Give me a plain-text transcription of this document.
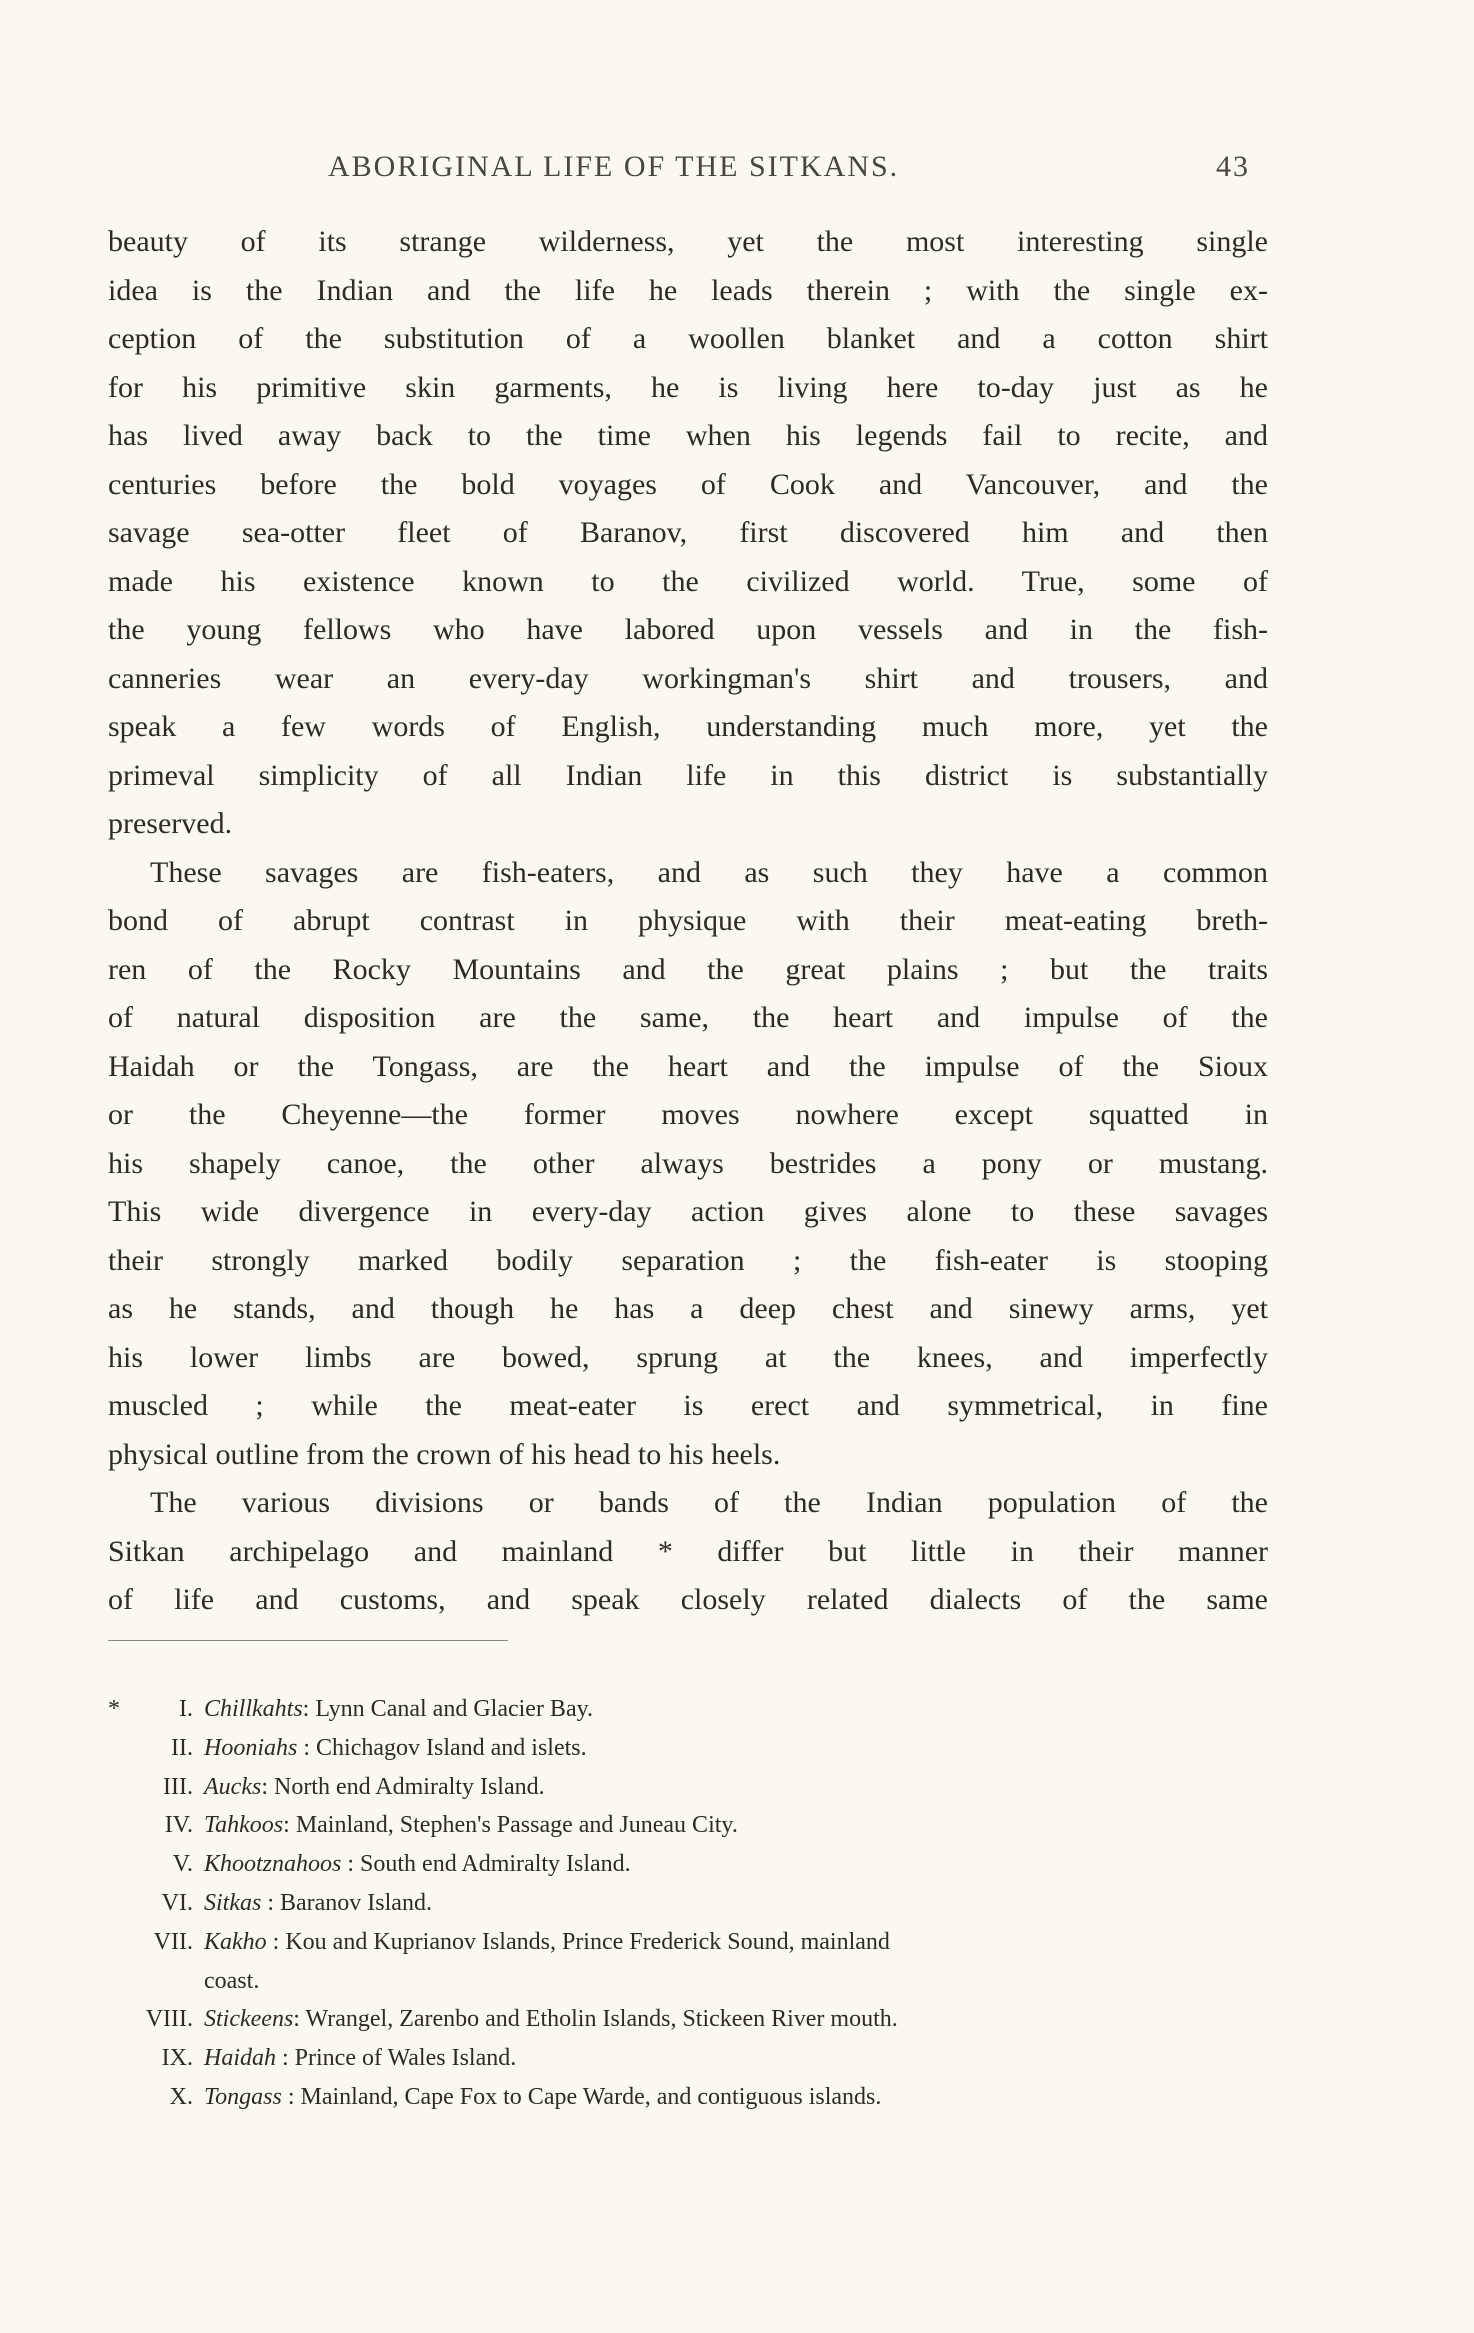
ABORIGINAL LIFE OF THE SITKANS.	43
beauty of its strange wilderness, yet the most interesting single
idea is the Indian and the life he leads therein ; with the single ex-
ception of the substitution of a woollen blanket and a cotton shirt
for his primitive skin garments, he is living here to-day just as he
has lived away back to the time when his legends fail to recite, and
centuries before the bold voyages of Cook and Vancouver, and the
savage sea-otter fleet of Baranov, first discovered him and then
made his existence known to the civilized world. True, some of
the young fellows who have labored upon vessels and in the fish-
canneries wear an every-day workingman's shirt and trousers, and
speak a few words of English, understanding much more, yet the
primeval simplicity of all Indian life in this district is substantially
preserved.
These savages are fish-eaters, and as such they have a common
bond of abrupt contrast in physique with their meat-eating breth-
ren of the Rocky Mountains and the great plains ; but the traits
of natural disposition are the same, the heart and impulse of the
Haidah or the Tongass, are the heart and the impulse of the Sioux
or the Cheyenne—the former moves nowhere except squatted in
his shapely canoe, the other always bestrides a pony or mustang.
This wide divergence in every-day action gives alone to these savages
their strongly marked bodily separation ; the fish-eater is stooping
as he stands, and though he has a deep chest and sinewy arms, yet
his lower limbs are bowed, sprung at the knees, and imperfectly
muscled ; while the meat-eater is erect and symmetrical, in fine
physical outline from the crown of his head to his heels.
The various divisions or bands of the Indian population of the
Sitkan archipelago and mainland * differ but little in their manner
of life and customs, and speak closely related dialects of the same
*	I. Chillkahts: Lynn Canal and Glacier Bay.
II. Hooniahs : Chichagov Island and islets.
III. Aucks: North end Admiralty Island.
IV. Tahkoos: Mainland, Stephen's Passage and Juneau City.
V. Khootznahoos : South end Admiralty Island.
VI. Sitkas : Baranov Island.
VII. Kakho : Kou and Kuprianov Islands, Prince Frederick Sound, mainland
coast.
VIII. Stickeens: Wrangel, Zarenbo and Etholin Islands, Stickeen River mouth.
IX. Haidah : Prince of Wales Island.
X. Tongass : Mainland, Cape Fox to Cape Warde, and contiguous islands.
